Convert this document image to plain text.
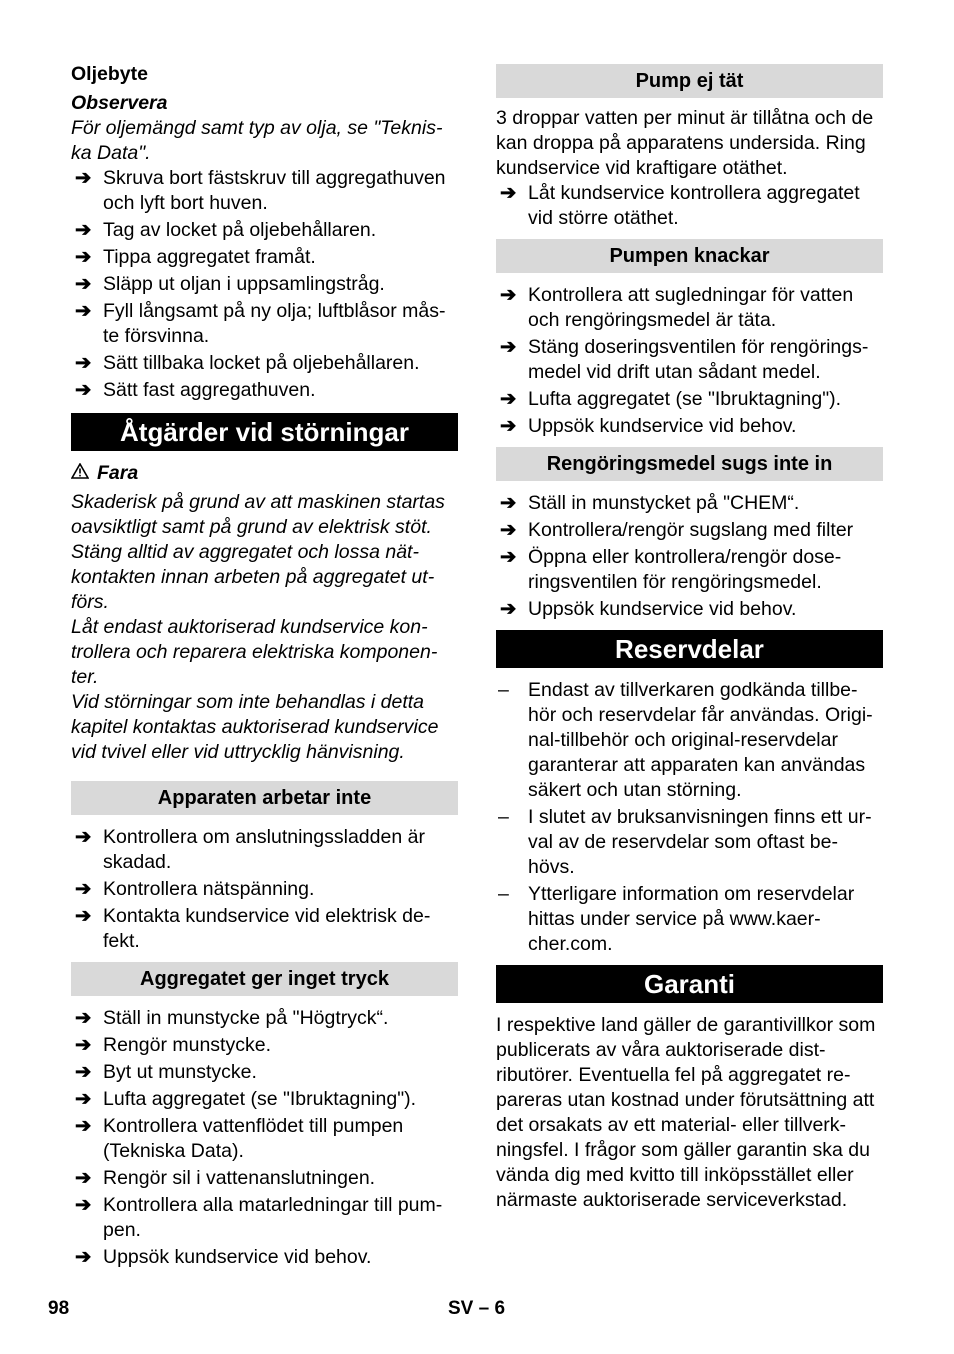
Oljebyte

Observera

För oljemängd samt typ av olja, se "Teknis- ka Data".

➔ Skruva bort fästskruv till aggregathuven och lyft bort huven.
➔ Tag av locket på oljebehållaren.
➔ Tippa aggregatet framåt.
➔ Släpp ut oljan i uppsamlingstråg.
➔ Fyll långsamt på ny olja; luftblåsor mås- te försvinna.
➔ Sätt tillbaka locket på oljebehållaren.
➔ Sätt fast aggregathuven.
Åtgärder vid störningar
Fara

Skaderisk på grund av att maskinen startas oavsiktligt samt på grund av elektrisk stöt. Stäng alltid av aggregatet och lossa nät- kontakten innan arbeten på aggregatet ut- förs.

Låt endast auktoriserad kundservice kon- trollera och reparera elektriska komponen- ter.

Vid störningar som inte behandlas i detta kapitel kontaktas auktoriserad kundservice vid tvivel eller vid uttrycklig hänvisning.

Apparaten arbetar inte
➔ Kontrollera om anslutningssladden är skadad.
➔ Kontrollera nätspänning.
➔ Kontakta kundservice vid elektrisk de- fekt.
Aggregatet ger inget tryck
➔ Ställ in munstycke på "Högtryck“.
➔ Rengör munstycke.
➔ Byt ut munstycke.
➔ Lufta aggregatet (se "Ibruktagning").
➔ Kontrollera vattenflödet till pumpen (Tekniska Data).
➔ Rengör sil i vattenanslutningen.
➔ Kontrollera alla matarledningar till pum- pen.
➔ Uppsök kundservice vid behov.
Pump ej tät

3 droppar vatten per minut är tillåtna och de kan droppa på apparatens undersida. Ring kundservice vid kraftigare otäthet.

➔ Låt kundservice kontrollera aggregatet vid större otäthet.
Pumpen knackar
➔ Kontrollera att sugledningar för vatten och rengöringsmedel är täta.
➔ Stäng doseringsventilen för rengörings- medel vid drift utan sådant medel.
➔ Lufta aggregatet (se "Ibruktagning").
➔ Uppsök kundservice vid behov.
Rengöringsmedel sugs inte in
➔ Ställ in munstycket på "CHEM“.
➔ Kontrollera/rengör sugslang med filter
➔ Öppna eller kontrollera/rengör dose- ringsventilen för rengöringsmedel.
➔ Uppsök kundservice vid behov.
Reservdelar
– Endast av tillverkaren godkända tillbe- hör och reservdelar får användas. Origi- nal-tillbehör och original-reservdelar garanterar att apparaten kan användas säkert och utan störning.
– I slutet av bruksanvisningen finns ett ur- val av de reservdelar som oftast be- hövs.
– Ytterligare information om reservdelar hittas under service på www.kaer- cher.com.
Garanti

I respektive land gäller de garantivillkor som publicerats av våra auktoriserade dist- ributörer. Eventuella fel på aggregatet re- pareras utan kostnad under förutsättning att det orsakats av ett material- eller tillverk- ningsfel. I frågor som gäller garantin ska du vända dig med kvitto till inköpsstället eller närmaste auktoriserade serviceverkstad.

98	SV – 6
